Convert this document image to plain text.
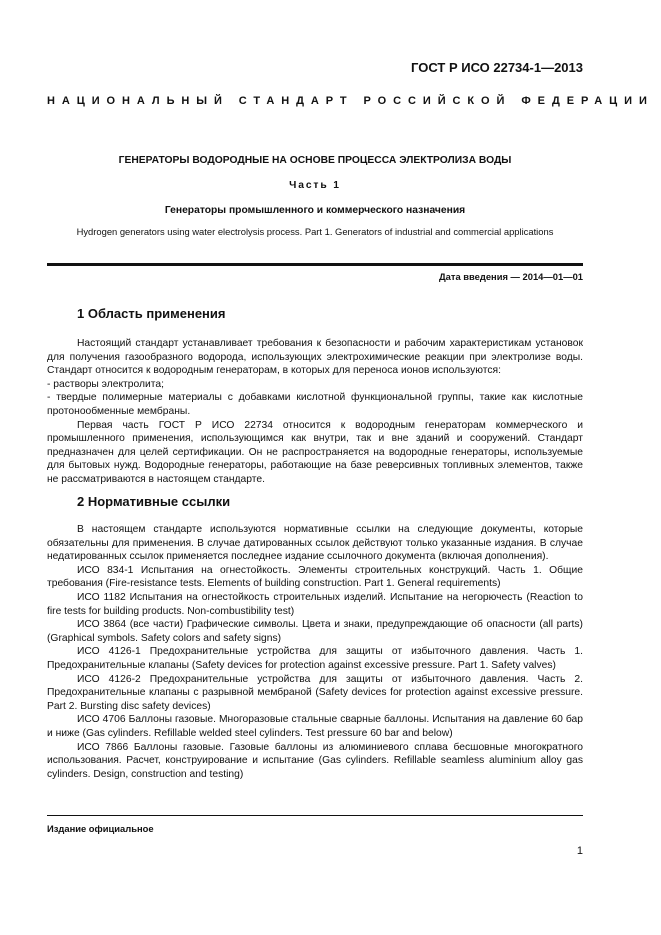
ГОСТ Р ИСО 22734-1—2013
НАЦИОНАЛЬНЫЙ СТАНДАРТ РОССИЙСКОЙ ФЕДЕРАЦИИ
ГЕНЕРАТОРЫ ВОДОРОДНЫЕ НА ОСНОВЕ ПРОЦЕССА ЭЛЕКТРОЛИЗА ВОДЫ
Часть 1
Генераторы промышленного и коммерческого назначения
Hydrogen generators using water electrolysis process. Part 1. Generators of industrial and commercial applications
Дата введения — 2014—01—01
1 Область применения

Настоящий стандарт устанавливает требования к безопасности и рабочим характеристикам установок для получения газообразного водорода, использующих электрохимические реакции при электролизе воды. Стандарт относится к водородным генераторам, в которых для переноса ионов используются:

- растворы электролита;

- твердые полимерные материалы с добавками кислотной функциональной группы, такие как кислотные протонообменные мембраны.

Первая часть ГОСТ Р ИСО 22734 относится к водородным генераторам коммерческого и промышленного применения, использующимся как внутри, так и вне зданий и сооружений. Стандарт предназначен для целей сертификации. Он не распространяется на водородные генераторы, используемые для бытовых нужд. Водородные генераторы, работающие на базе реверсивных топливных элементов, также не рассматриваются в настоящем стандарте.

2 Нормативные ссылки

В настоящем стандарте используются нормативные ссылки на следующие документы, которые обязательны для применения. В случае датированных ссылок действуют только указанные издания. В случае недатированных ссылок применяется последнее издание ссылочного документа (включая дополнения).

ИСО 834-1 Испытания на огнестойкость. Элементы строительных конструкций. Часть 1. Общие требования (Fire-resistance tests. Elements of building construction. Part 1. General requirements)

ИСО 1182 Испытания на огнестойкость строительных изделий. Испытание на негорючесть (Reaction to fire tests for building products. Non-combustibility test)

ИСО 3864 (все части) Графические символы. Цвета и знаки, предупреждающие об опасности (all parts) (Graphical symbols. Safety colors and safety signs)

ИСО 4126-1 Предохранительные устройства для защиты от избыточного давления. Часть 1. Предохранительные клапаны (Safety devices for protection against excessive pressure. Part 1. Safety valves)

ИСО 4126-2 Предохранительные устройства для защиты от избыточного давления. Часть 2. Предохранительные клапаны с разрывной мембраной (Safety devices for protection against excessive pressure. Part 2. Bursting disc safety devices)

ИСО 4706 Баллоны газовые. Многоразовые стальные сварные баллоны. Испытания на давление 60 бар и ниже (Gas cylinders. Refillable welded steel cylinders. Test pressure 60 bar and below)

ИСО 7866 Баллоны газовые. Газовые баллоны из алюминиевого сплава бесшовные многократного использования. Расчет, конструирование и испытание (Gas cylinders. Refillable seamless aluminium alloy gas cylinders. Design, construction and testing)

Издание официальное
1
